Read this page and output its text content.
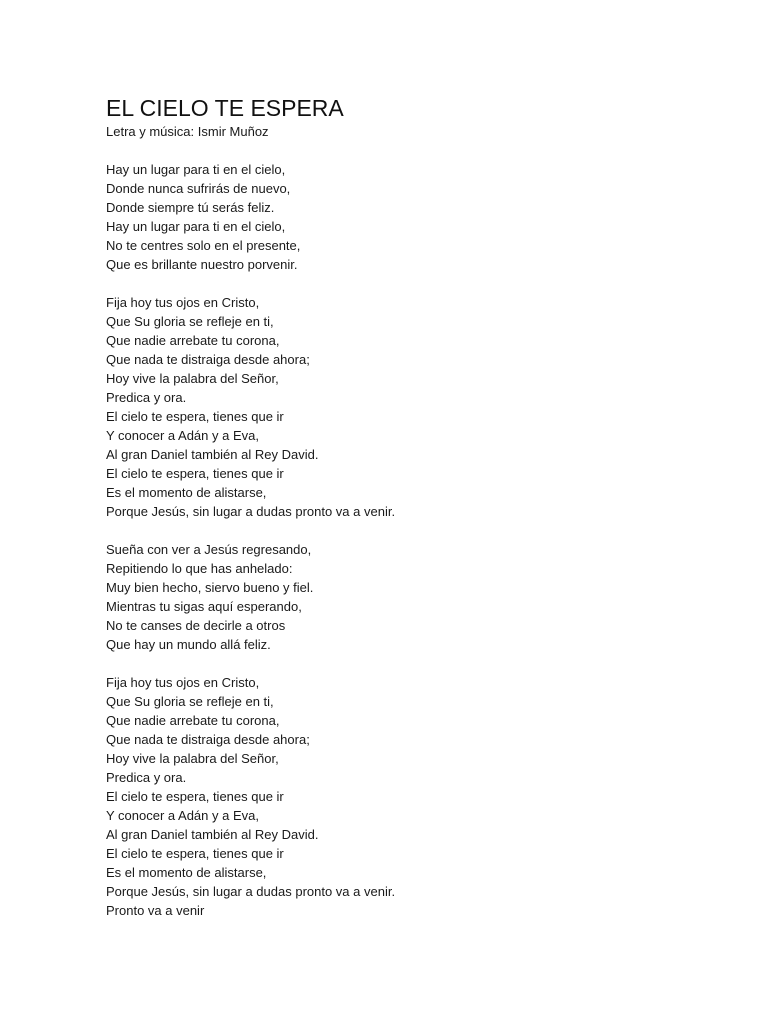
EL CIELO TE ESPERA
Letra y música: Ismir Muñoz
Hay un lugar para ti en el cielo,
Donde nunca sufrirás de nuevo,
Donde siempre tú serás feliz.
Hay un lugar para ti en el cielo,
No te centres solo en el presente,
Que es brillante nuestro porvenir.
Fija hoy tus ojos en Cristo,
Que Su gloria se refleje en ti,
Que nadie arrebate tu corona,
Que nada te distraiga desde ahora;
Hoy vive la palabra del Señor,
Predica y ora.
El cielo te espera, tienes que ir
Y conocer a Adán y a Eva,
Al gran Daniel también al Rey David.
El cielo te espera, tienes que ir
Es el momento de alistarse,
Porque Jesús, sin lugar a dudas pronto va a venir.
Sueña con ver a Jesús regresando,
Repitiendo lo que has anhelado:
Muy bien hecho, siervo bueno y fiel.
Mientras tu sigas aquí esperando,
No te canses de decirle a otros
Que hay un mundo allá feliz.
Fija hoy tus ojos en Cristo,
Que Su gloria se refleje en ti,
Que nadie arrebate tu corona,
Que nada te distraiga desde ahora;
Hoy vive la palabra del Señor,
Predica y ora.
El cielo te espera, tienes que ir
Y conocer a Adán y a Eva,
Al gran Daniel también al Rey David.
El cielo te espera, tienes que ir
Es el momento de alistarse,
Porque Jesús, sin lugar a dudas pronto va a venir.
Pronto va a venir
